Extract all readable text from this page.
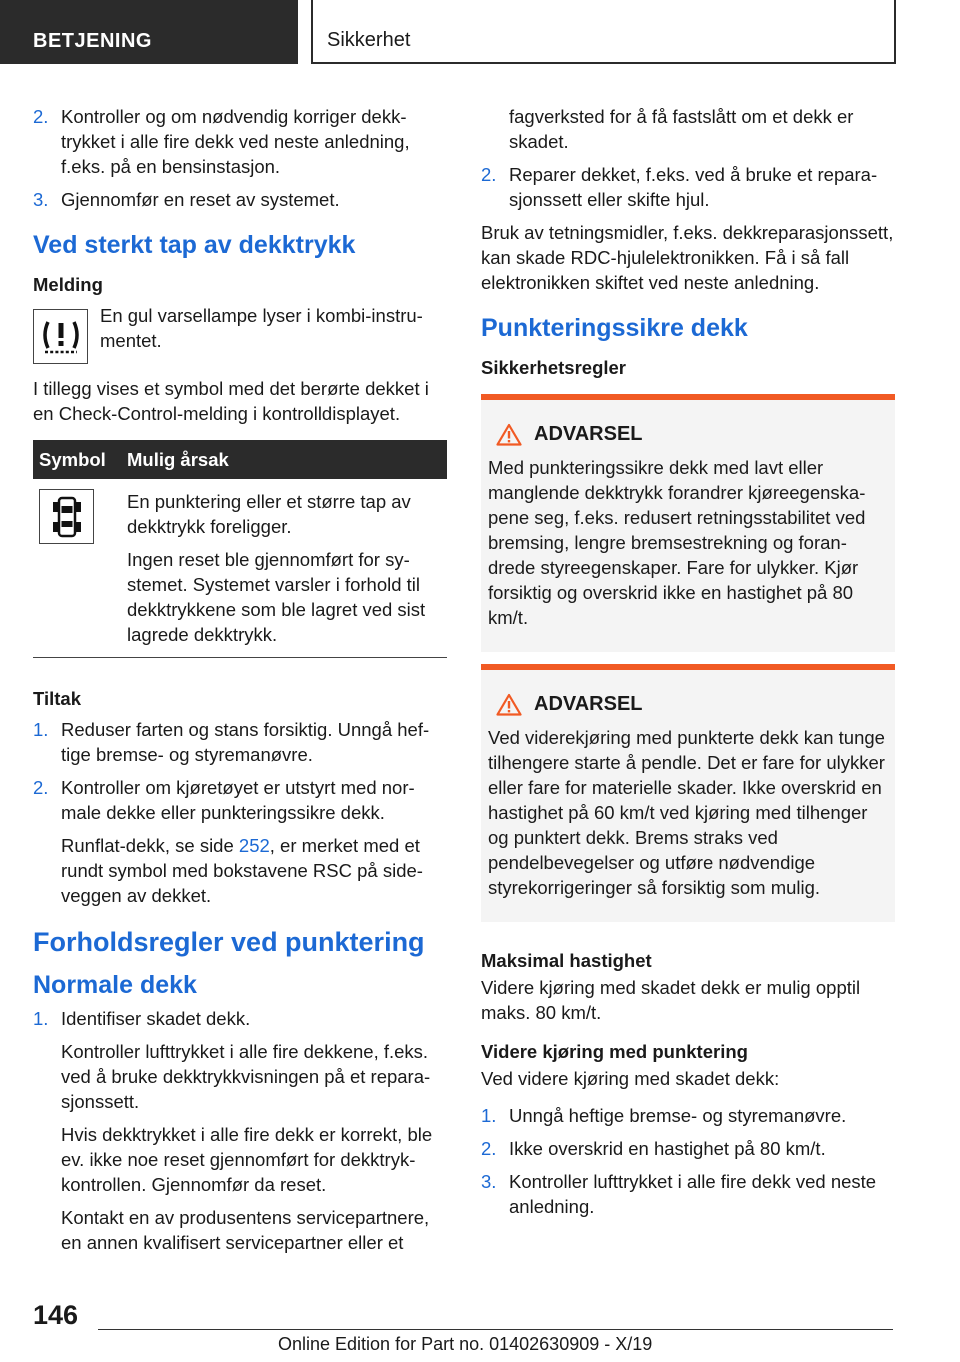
BETJENING	Sikkerhet
2. Kontroller og om nødvendig korriger dekktrykket i alle fire dekk ved neste anledning, f.eks. på en bensinstasjon.
3. Gjennomfør en reset av systemet.
Ved sterkt tap av dekktrykk
Melding

En gul varsellampe lyser i kombi-instrumentet.

I tillegg vises et symbol med det berørte dekket i en Check-Control-melding i kontrolldisplayet.

Symbol	Mulig årsak

En punktering eller et større tap av dekktrykk foreligger.

Ingen reset ble gjennomført for systemet. Systemet varsler i forhold til dekktrykkene som ble lagret ved sist lagrede dekktrykk.

Tiltak
1. Reduser farten og stans forsiktig. Unngå heftige bremse- og styremanøvre.
2. Kontroller om kjøretøyet er utstyrt med normale dekke eller punkteringssikre dekk.

Runflat-dekk, se side 252, er merket med et rundt symbol med bokstavene RSC på sideveggen av dekket.

Forholdsregler ved punktering
Normale dekk
1. Identifiser skadet dekk.

Kontroller lufttrykket i alle fire dekkene, f.eks. ved å bruke dekktrykkvisningen på et reparasjonssett.

Hvis dekktrykket i alle fire dekk er korrekt, ble ev. ikke noe reset gjennomført for dekktrykkontrollen. Gjennomfør da reset.

Kontakt en av produsentens servicepartnere, en annen kvalifisert servicepartner eller et

fagverksted for å få fastslått om et dekk er skadet.

2. Reparer dekket, f.eks. ved å bruke et reparasjonssett eller skifte hjul.

Bruk av tetningsmidler, f.eks. dekkreparasjonssett, kan skade RDC-hjulelektronikken. Få i så fall elektronikken skiftet ved neste anledning.

Punkteringssikre dekk
Sikkerhetsregler
ADVARSEL

Med punkteringssikre dekk med lavt eller manglende dekktrykk forandrer kjøreegenskapene seg, f.eks. redusert retningsstabilitet ved bremsing, lengre bremsestrekning og forandrede styreegenskaper. Fare for ulykker. Kjør forsiktig og overskrid ikke en hastighet på 80 km/t.

ADVARSEL

Ved viderekjøring med punkterte dekk kan tunge tilhengere starte å pendle. Det er fare for ulykker eller fare for materielle skader. Ikke overskrid en hastighet på 60 km/t ved kjøring med tilhenger og punktert dekk. Brems straks ved pendelbevegelser og utføre nødvendige styrekorrigeringer så forsiktig som mulig.

Maksimal hastighet

Videre kjøring med skadet dekk er mulig opptil maks. 80 km/t.

Videre kjøring med punktering

Ved videre kjøring med skadet dekk:

1. Unngå heftige bremse- og styremanøvre.
2. Ikke overskrid en hastighet på 80 km/t.
3. Kontroller lufttrykket i alle fire dekk ved neste anledning.
146
Online Edition for Part no. 01402630909 - X/19
